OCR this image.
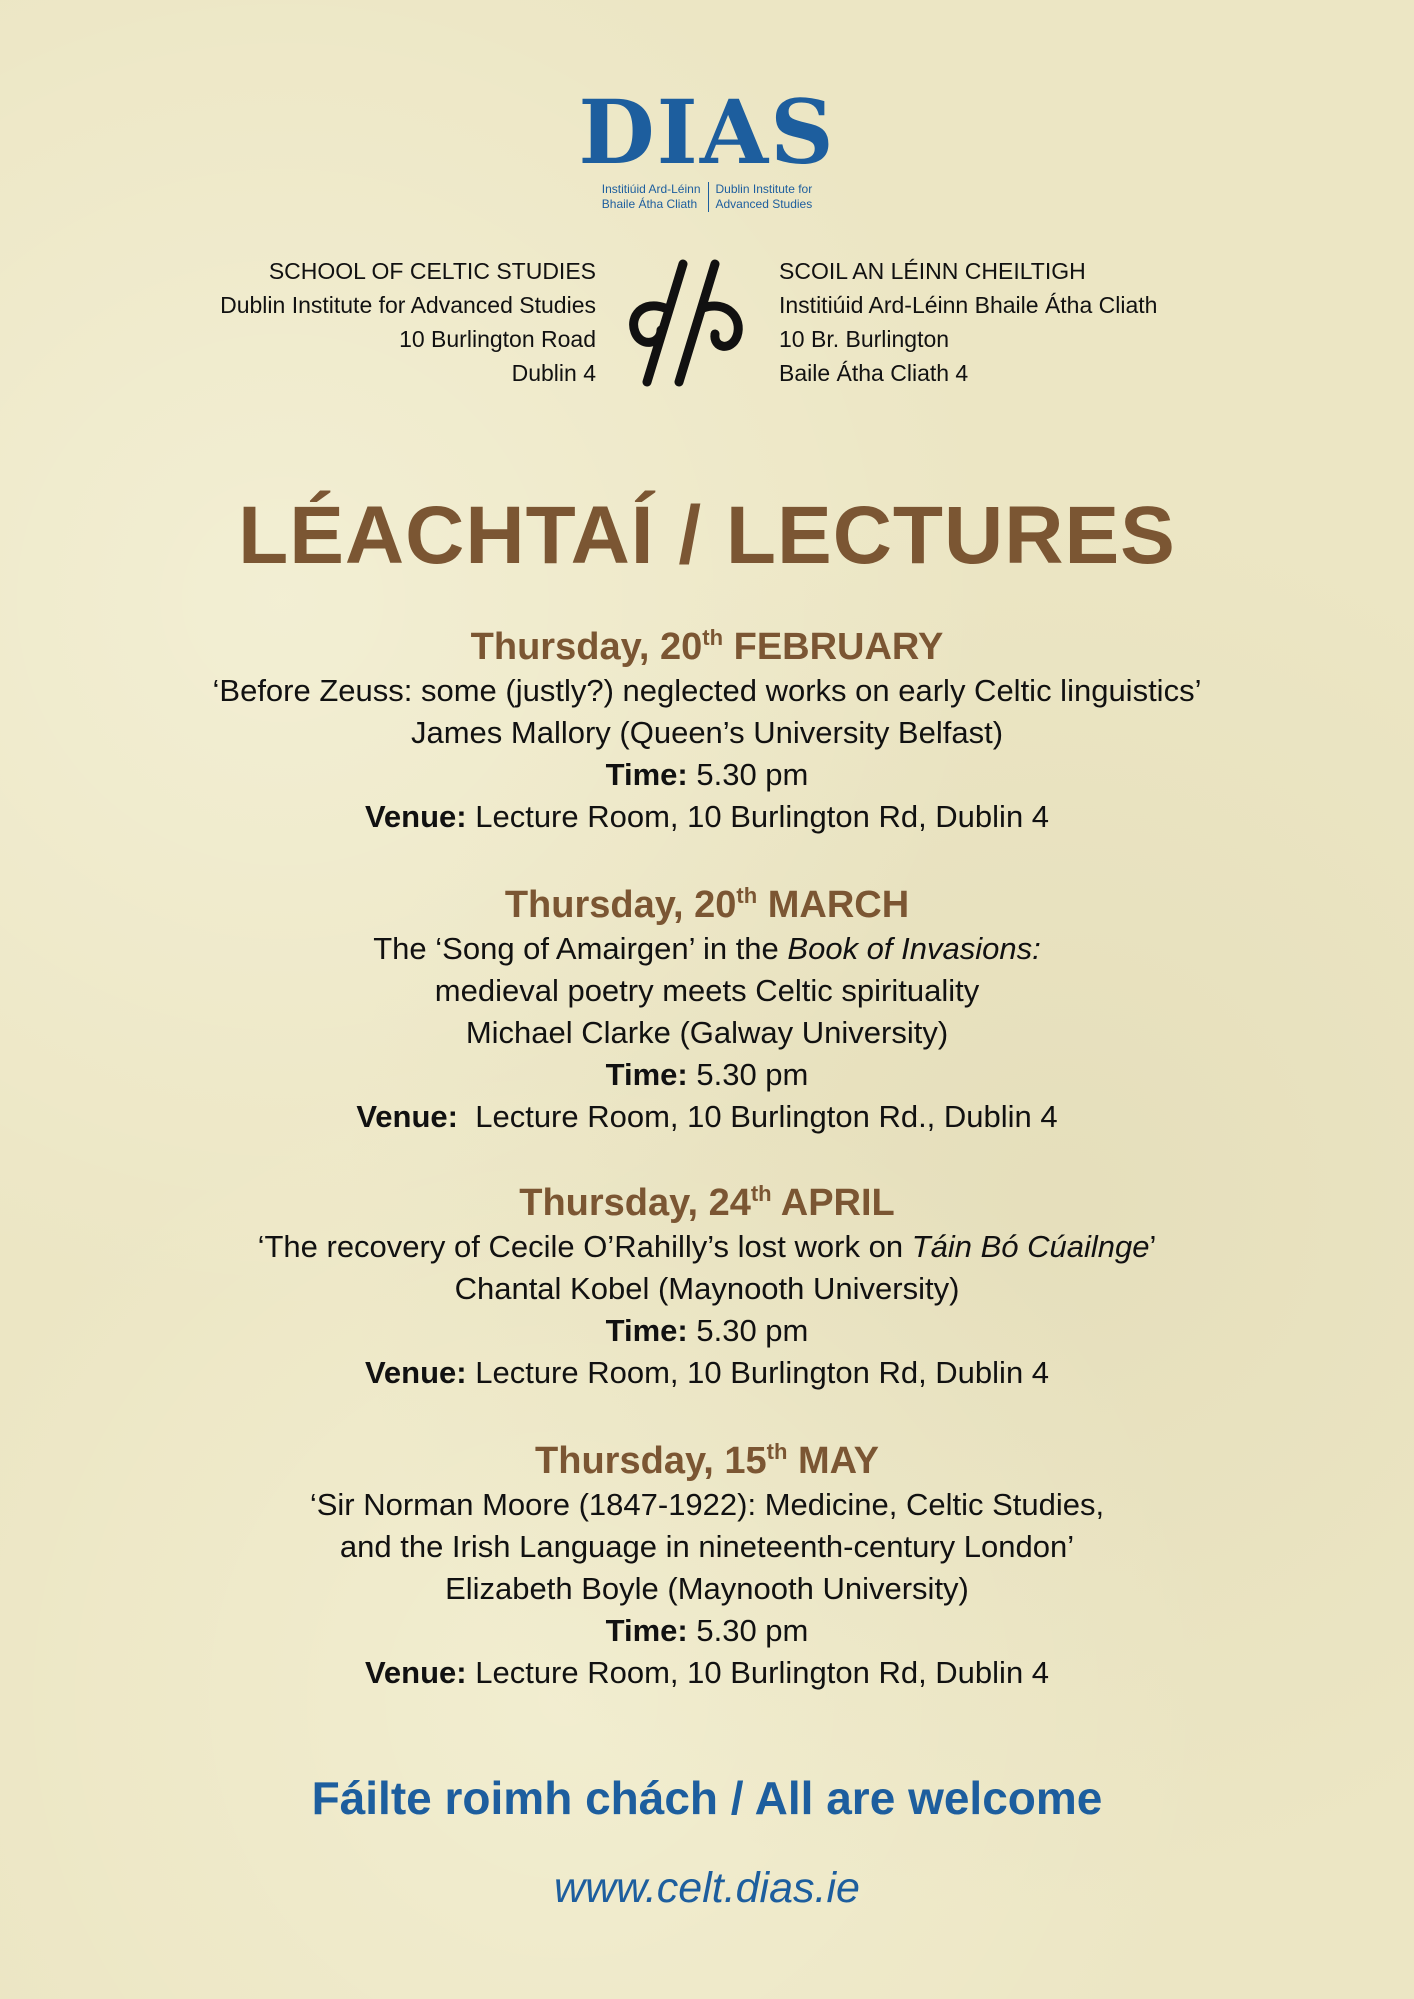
DIAS
Institiúid Ard-Léinn
Bhaile Átha Cliath
Dublin Institute for
Advanced Studies
SCHOOL OF CELTIC STUDIES
Dublin Institute for Advanced Studies
10 Burlington Road
Dublin 4
SCOIL AN LÉINN CHEILTIGH
Institiúid Ard-Léinn Bhaile Átha Cliath
10 Br. Burlington
Baile Átha Cliath 4
LÉACHTAÍ / LECTURES
Thursday, 20th FEBRUARY
‘Before Zeuss: some (justly?) neglected works on early Celtic linguistics’
James Mallory (Queen’s University Belfast)
Time: 5.30 pm
Venue: Lecture Room, 10 Burlington Rd, Dublin 4
Thursday, 20th MARCH
The ‘Song of Amairgen’ in the Book of Invasions:
medieval poetry meets Celtic spirituality
Michael Clarke (Galway University)
Time: 5.30 pm
Venue: Lecture Room, 10 Burlington Rd., Dublin 4
Thursday, 24th APRIL
‘The recovery of Cecile O’Rahilly’s lost work on Táin Bó Cúailnge’
Chantal Kobel (Maynooth University)
Time: 5.30 pm
Venue: Lecture Room, 10 Burlington Rd, Dublin 4
Thursday, 15th MAY
‘Sir Norman Moore (1847-1922): Medicine, Celtic Studies,
and the Irish Language in nineteenth-century London’
Elizabeth Boyle (Maynooth University)
Time: 5.30 pm
Venue: Lecture Room, 10 Burlington Rd, Dublin 4
Fáilte roimh chách / All are welcome
www.celt.dias.ie
